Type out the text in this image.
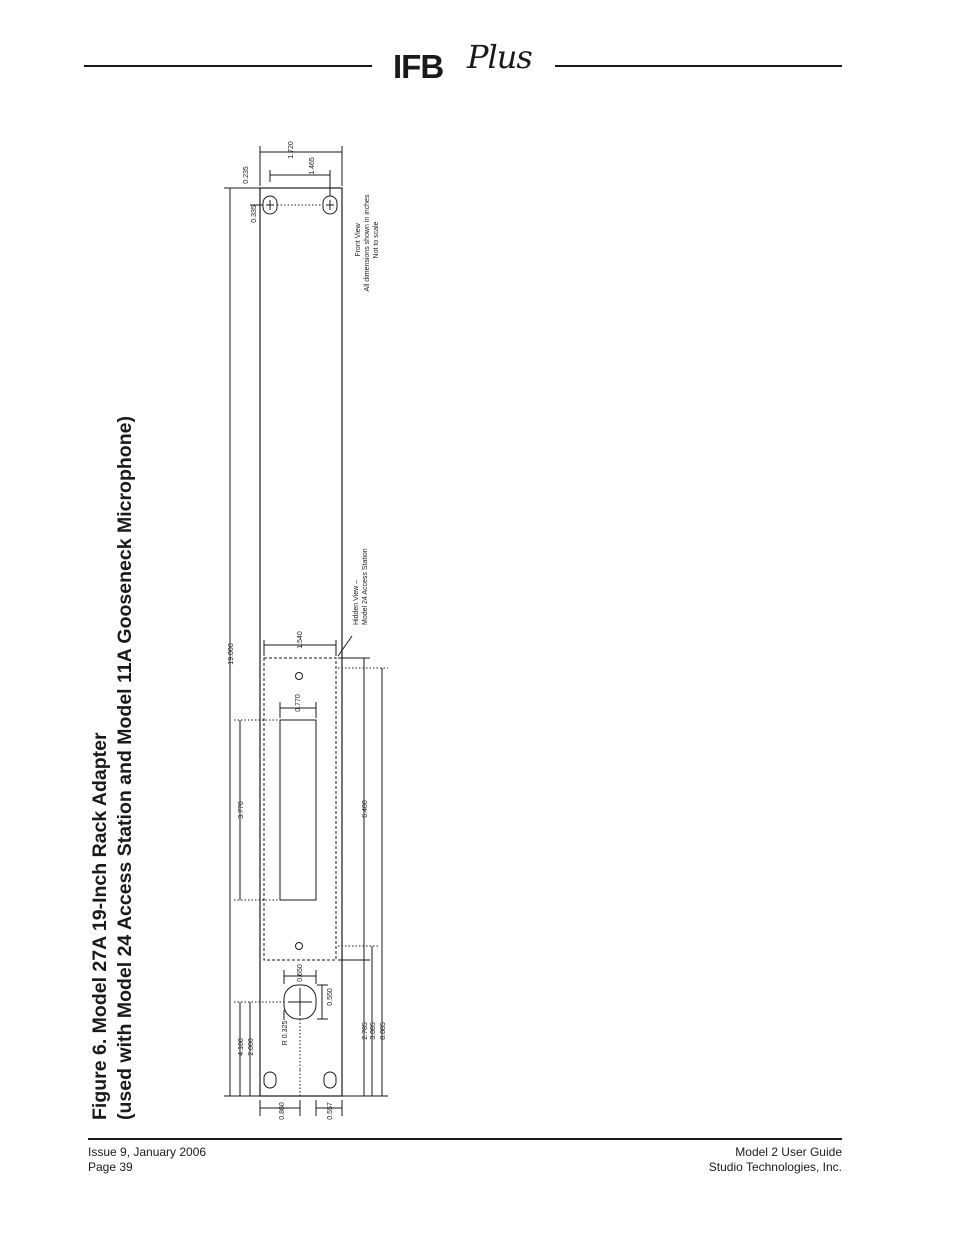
IFB Plus
Figure 6. Model 27A 19-Inch Rack Adapter (used with Model 24 Access Station and Model 11A Gooseneck Microphone)	19.000
1.720
1.465
0.235
0.335
1.540
0.770
3.770	6.400
0.650
0.550
R 0.325
4.100 2.000
2.785 3.085 8.885
0.860	0.557
Front View All dimensions shown in inches Not to scale
Hidden View – Model 24 Access Station
Issue 9, January 2006
Page 39
Model 2 User Guide
Studio Technologies, Inc.
